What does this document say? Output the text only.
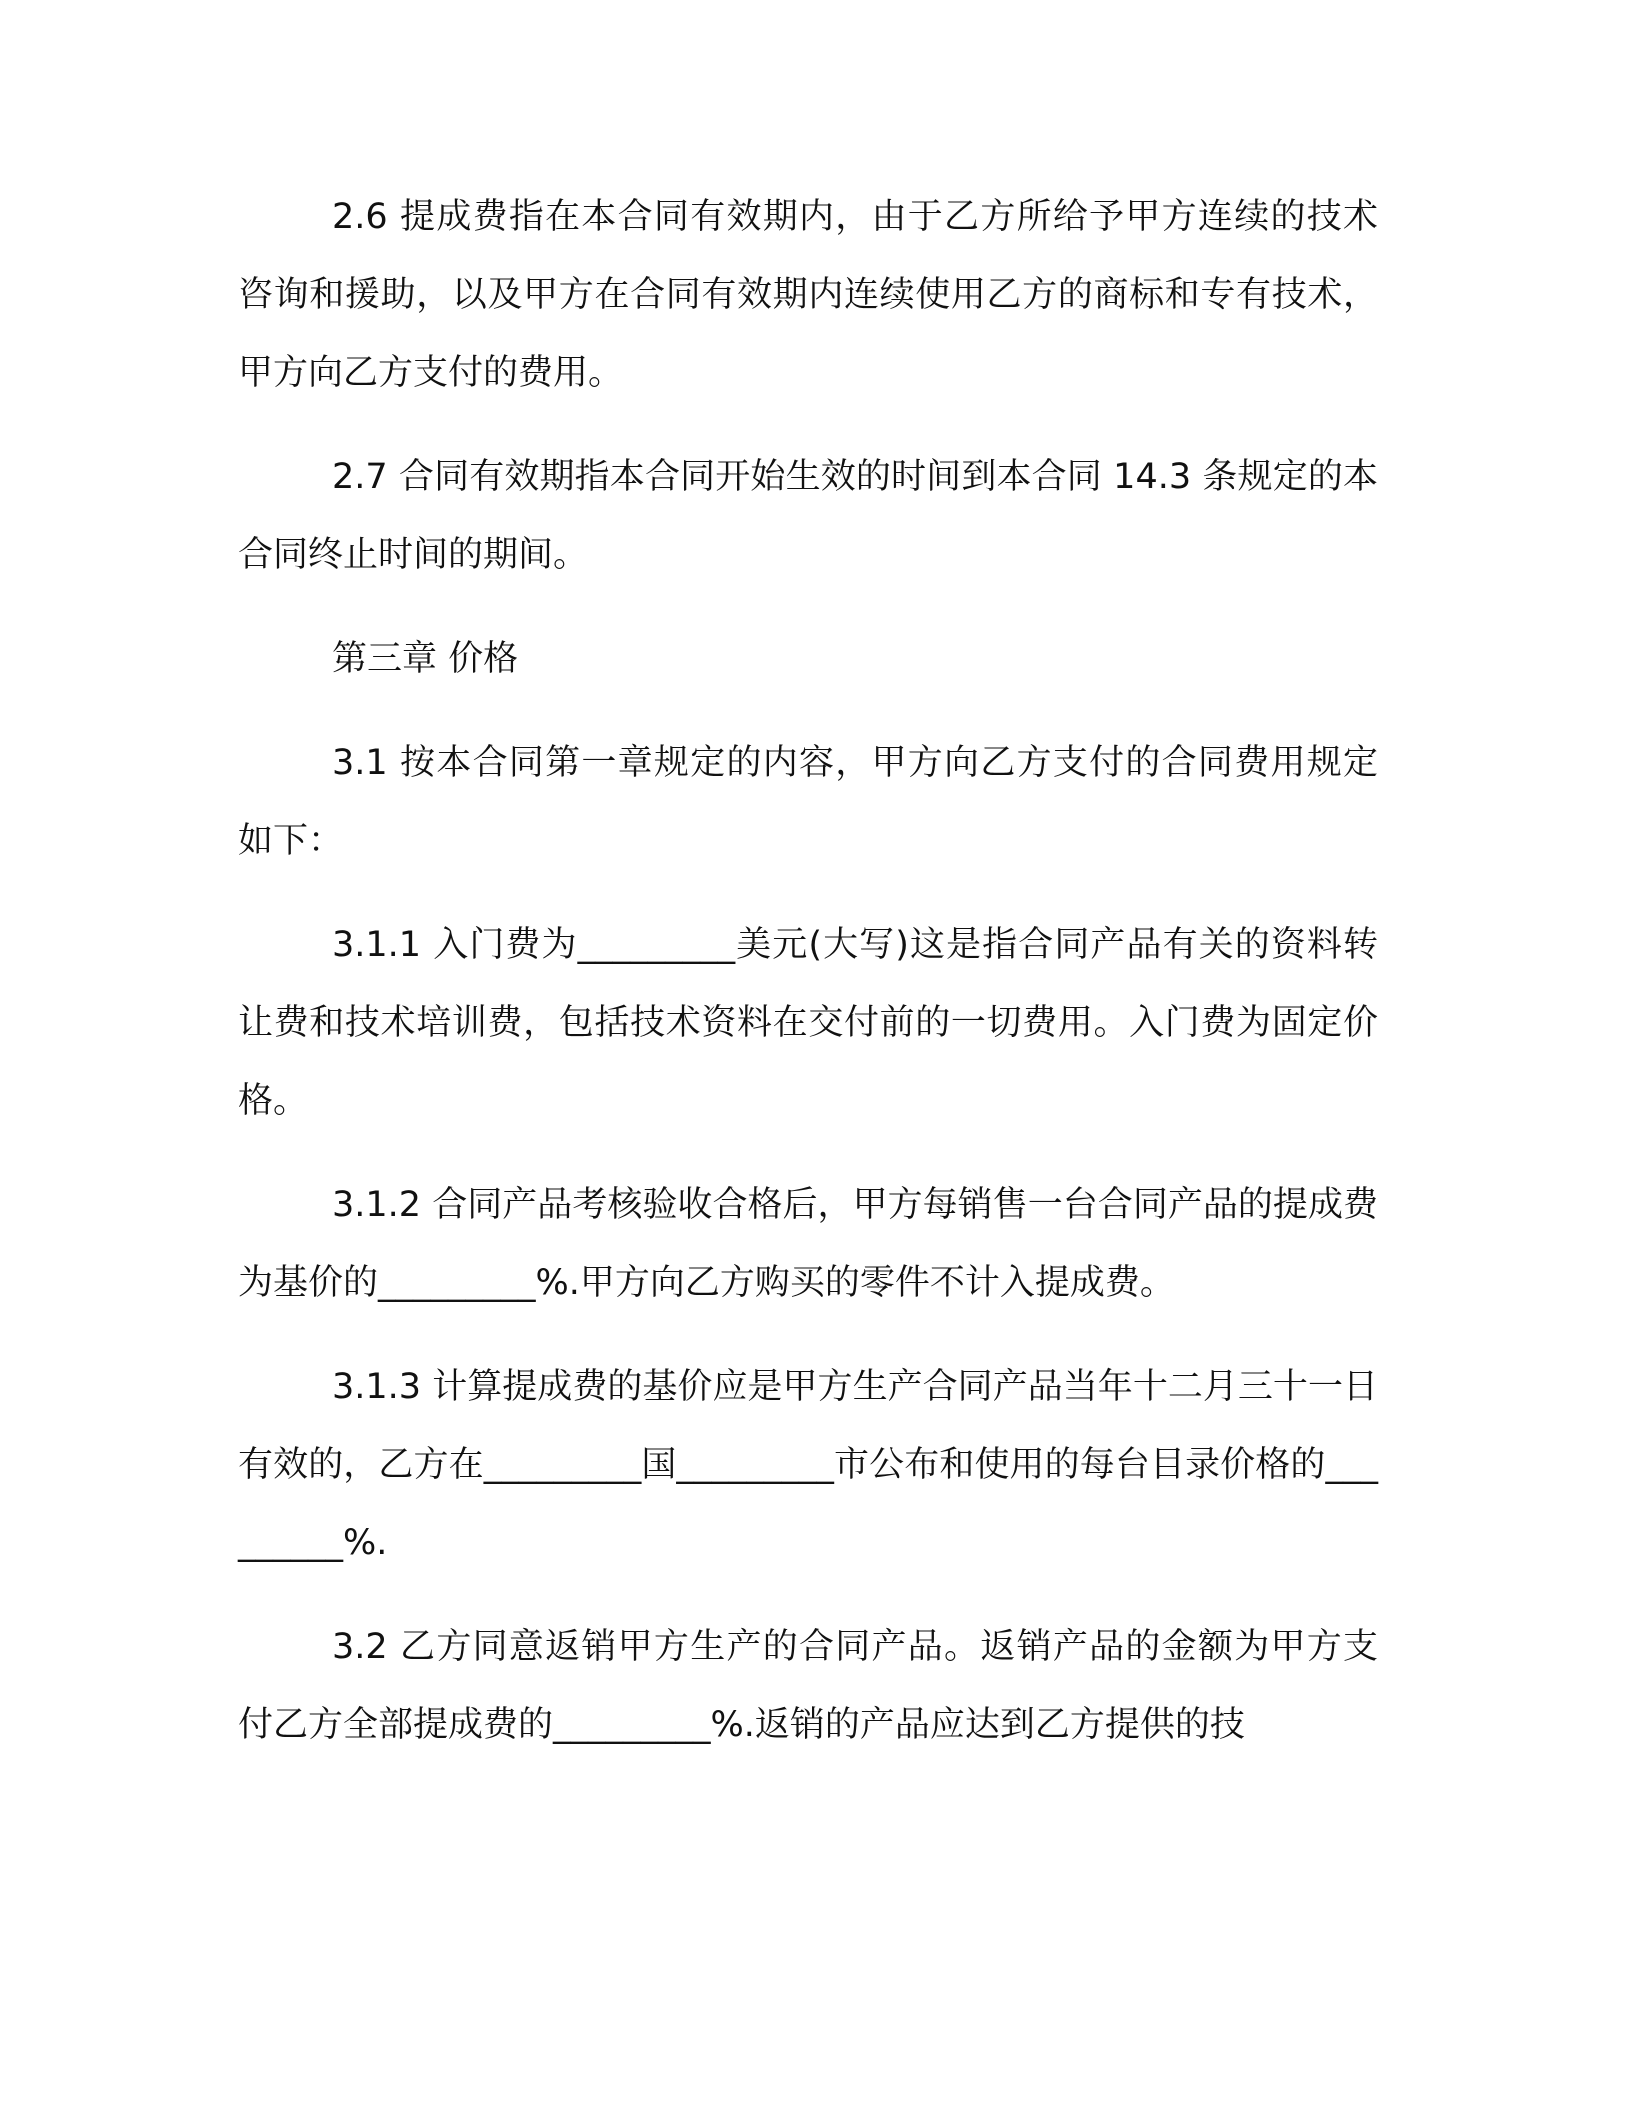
2.6 提成费指在本合同有效期内，由于乙方所给予甲方连续的技术咨询和援助，以及甲方在合同有效期内连续使用乙方的商标和专有技术，甲方向乙方支付的费用。

2.7 合同有效期指本合同开始生效的时间到本合同 14.3 条规定的本合同终止时间的期间。

第三章 价格

3.1 按本合同第一章规定的内容，甲方向乙方支付的合同费用规定如下：

3.1.1 入门费为_________美元(大写)这是指合同产品有关的资料转让费和技术培训费，包括技术资料在交付前的一切费用。入门费为固定价格。

3.1.2 合同产品考核验收合格后，甲方每销售一台合同产品的提成费为基价的_________%.甲方向乙方购买的零件不计入提成费。

3.1.3 计算提成费的基价应是甲方生产合同产品当年十二月三十一日有效的，乙方在_________国_________市公布和使用的每台目录价格的_________%.

3.2 乙方同意返销甲方生产的合同产品。返销产品的金额为甲方支付乙方全部提成费的_________%.返销的产品应达到乙方提供的技
